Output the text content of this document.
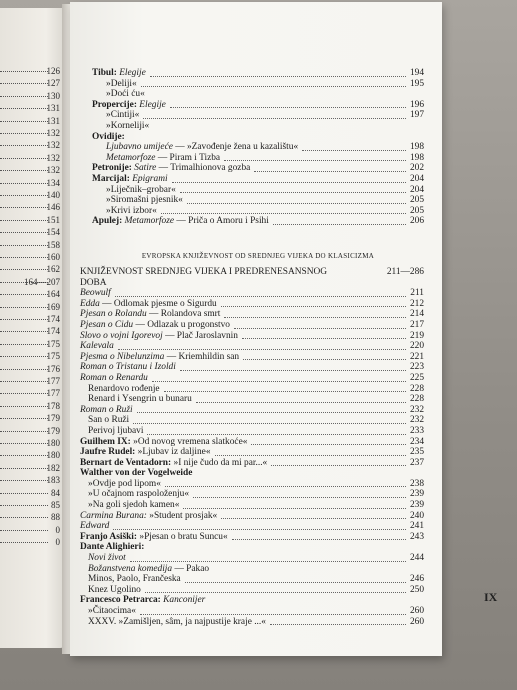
126
127
130
131
131
132
132
132
132
134
140
146
151
154
158
160
162
164—207
164
169
174
174
175
175
176
177
177
178
179
179
180
180
182
183
84
85
88
0
0
Tibul: Elegije	194
»Deliji«	195
»Doći ću«
Propercije: Elegije	196
»Cintiji«	197
»Korneliji«
Ovidije:
Ljubavno umijeće — »Zavođenje žena u kazalištu«	198
Metamorfoze — Piram i Tizba	198
Petronije: Satire — Trimalhionova gozba	202
Marcijal: Epigrami	204
»Liječnik–grobar«	204
»Siromašni pjesnik«	205
»Krivi izbor«	205
Apulej: Metamorfoze — Priča o Amoru i Psihi	206
EVROPSKA KNJIŽEVNOST OD SREDNJEG VIJEKA DO KLASICIZMA
KNJIŽEVNOST SREDNJEG VIJEKA I PREDRENESANSNOG	211—286
DOBA
Beowulf	211
Edda — Odlomak pjesme o Sigurdu	212
Pjesan o Rolandu — Rolandova smrt	214
Pjesan o Cidu — Odlazak u progonstvo	217
Slovo o vojni Igorevoj — Plač Jaroslavnin	219
Kalevala	220
Pjesma o Nibelunzima — Kriemhildin san	221
Roman o Tristanu i Izoldi	223
Roman o Renardu	225
Renardovo rođenje	228
Renard i Ysengrin u bunaru	228
Roman o Ruži	232
San o Ruži	232
Perivoj ljubavi	233
Guilhem IX: »Od novog vremena slatkoće«	234
Jaufre Rudel: »Ljubav iz daljine«	235
Bernart de Ventadorn: »I nije čudo da mi par...«	237
Walther von der Vogelweide
»Ovdje pod lipom«	238
»U očajnom raspoloženju«	239
»Na goli sjedoh kamen«	239
Carmina Burana: »Student prosjak«	240
Edward	241
Franjo Asiški: »Pjesan o bratu Suncu«	243
Dante Alighieri:
Novi život	244
Božanstvena komedija — Pakao
Minos, Paolo, Frančeska	246
Knez Ugolino	250
Francesco Petrarca: Kanconijer
»Čitaocima«	260
XXXV. »Zamišljen, sâm, ja najpustije kraje ...«	260
IX
